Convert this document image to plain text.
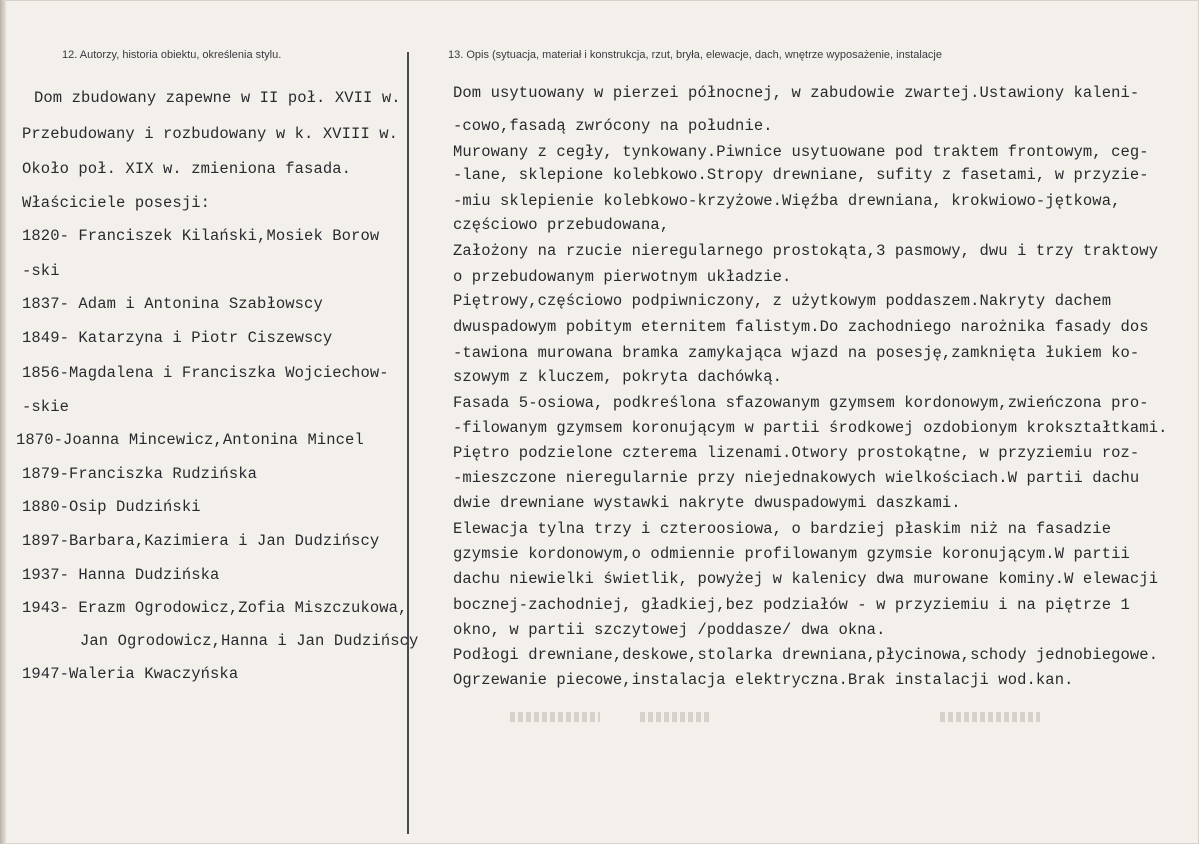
12. Autorzy, historia obiektu, określenia stylu.	13. Opis (sytuacja, materiał i konstrukcja, rzut, bryła, elewacje, dach, wnętrze wyposażenie, instalacje
Dom zbudowany zapewne w II poł. XVII w.
Przebudowany i rozbudowany w k. XVIII w.
Około poł. XIX w. zmieniona fasada.
Właściciele posesji:
1820- Franciszek Kilański,Mosiek Borow
-ski
1837- Adam i Antonina Szabłowscy
1849- Katarzyna i Piotr Ciszewscy
1856-Magdalena i Franciszka Wojciechow-
-skie
1870-Joanna Mincewicz,Antonina Mincel
1879-Franciszka Rudzińska
1880-Osip Dudziński
1897-Barbara,Kazimiera i Jan Dudzińscy
1937- Hanna Dudzińska
1943- Erazm Ogrodowicz,Zofia Miszczukowa,
Jan Ogrodowicz,Hanna i Jan Dudzińscy
1947-Waleria Kwaczyńska
Dom usytuowany w pierzei północnej, w zabudowie zwartej.Ustawiony kaleni-
-cowo,fasadą zwrócony na południe.
Murowany z cegły, tynkowany.Piwnice usytuowane pod traktem frontowym, ceg-
-lane, sklepione kolebkowo.Stropy drewniane, sufity z fasetami, w przyzie-
-miu sklepienie kolebkowo-krzyżowe.Więźba drewniana, krokwiowo-jętkowa,
częściowo przebudowana,
Założony na rzucie nieregularnego prostokąta,3 pasmowy, dwu i trzy traktowy
o przebudowanym pierwotnym układzie.
Piętrowy,częściowo podpiwniczony, z użytkowym poddaszem.Nakryty dachem
dwuspadowym pobitym eternitem falistym.Do zachodniego narożnika fasady dos
-tawiona murowana bramka zamykająca wjazd na posesję,zamknięta łukiem ko-
szowym z kluczem, pokryta dachówką.
Fasada 5-osiowa, podkreślona sfazowanym gzymsem kordonowym,zwieńczona pro-
-filowanym gzymsem koronującym w partii środkowej ozdobionym krokształtkami.
Piętro podzielone czterema lizenami.Otwory prostokątne, w przyziemiu roz-
-mieszczone nieregularnie przy niejednakowych wielkościach.W partii dachu
dwie drewniane wystawki nakryte dwuspadowymi daszkami.
Elewacja tylna trzy i czteroosiowa, o bardziej płaskim niż na fasadzie
gzymsie kordonowym,o odmiennie profilowanym gzymsie koronującym.W partii
dachu niewielki świetlik, powyżej w kalenicy dwa murowane kominy.W elewacji
bocznej-zachodniej, gładkiej,bez podziałów - w przyziemiu i na piętrze 1
okno, w partii szczytowej /poddasze/ dwa okna.
Podłogi drewniane,deskowe,stolarka drewniana,płycinowa,schody jednobiegowe.
Ogrzewanie piecowe,instalacja elektryczna.Brak instalacji wod.kan.
